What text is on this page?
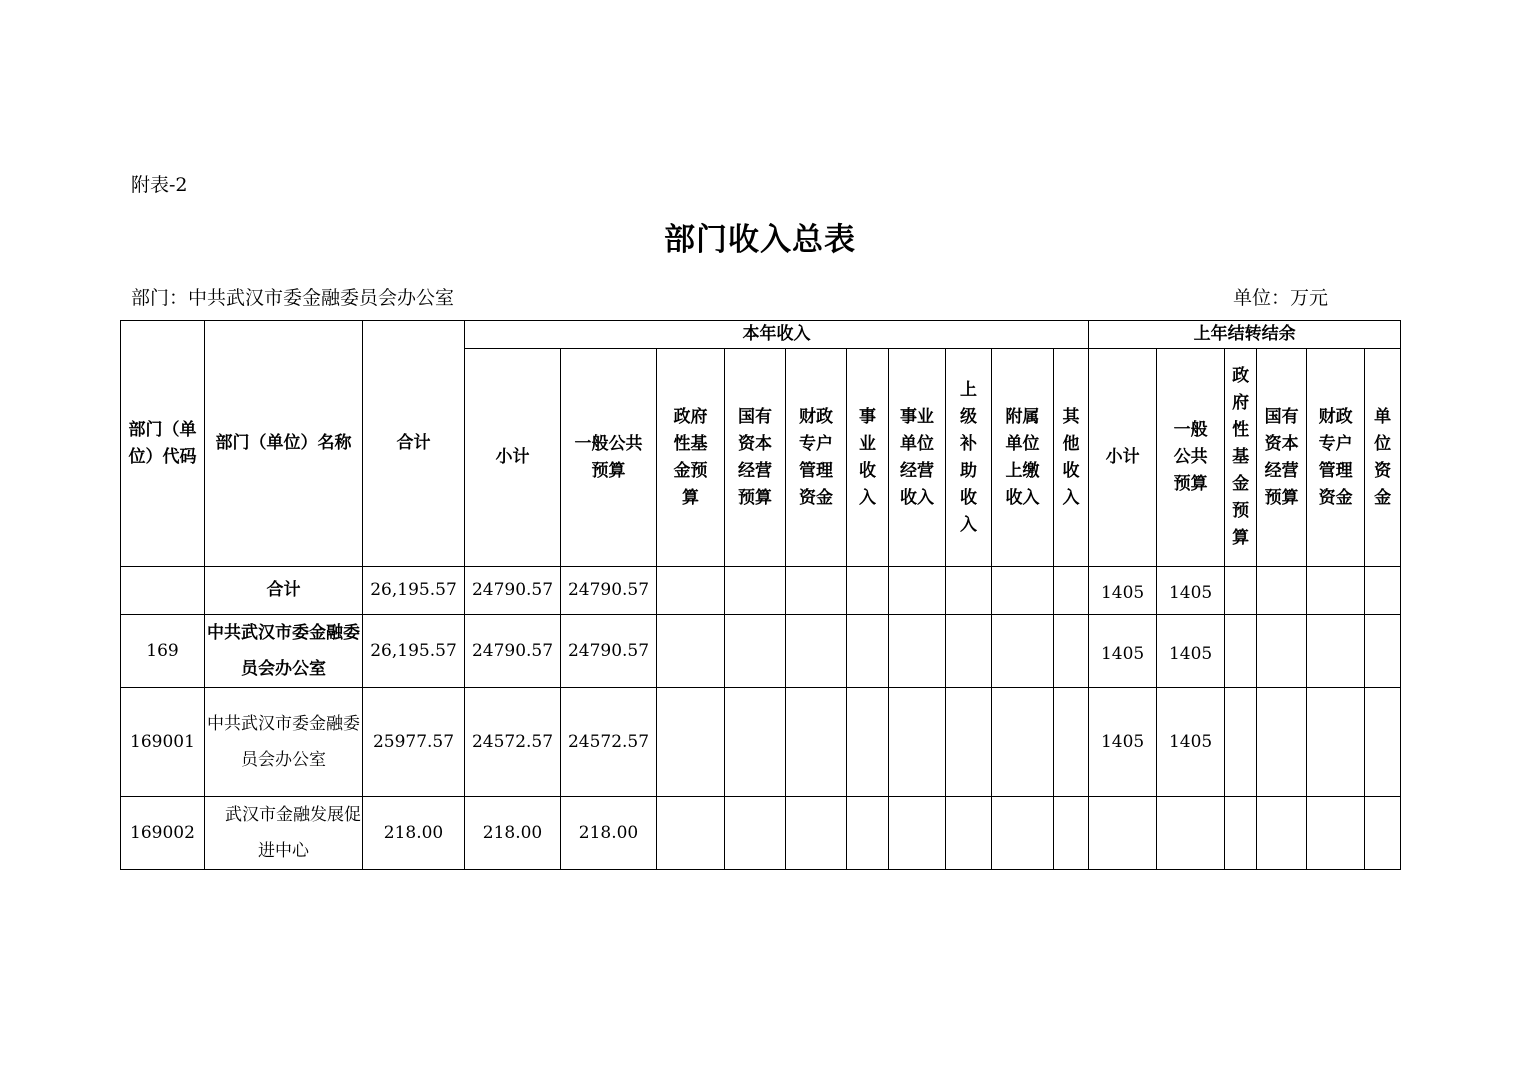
附表-2
部门收入总表
部门：中共武汉市委金融委员会办公室	单位：万元
部门（单位）代码	部门（单位）名称	合计	本年收入										上年结转结余					
			小计	一般公共预算	政府性基金预算	国有资本经营预算	财政专户管理资金	事业收入	事业单位经营收入	上级补助收入	附属单位上缴收入	其他收入	小计	一般公共预算	政府性基金预算	国有资本经营预算	财政专户管理资金	单位资金
	合计	26,195.57	24790.57	24790.57									1405	1405				
169	中共武汉市委金融委员会办公室	26,195.57	24790.57	24790.57									1405	1405				
169001	中共武汉市委金融委员会办公室	25977.57	24572.57	24572.57									1405	1405				
169002	武汉市金融发展促进中心	218.00	218.00	218.00														
